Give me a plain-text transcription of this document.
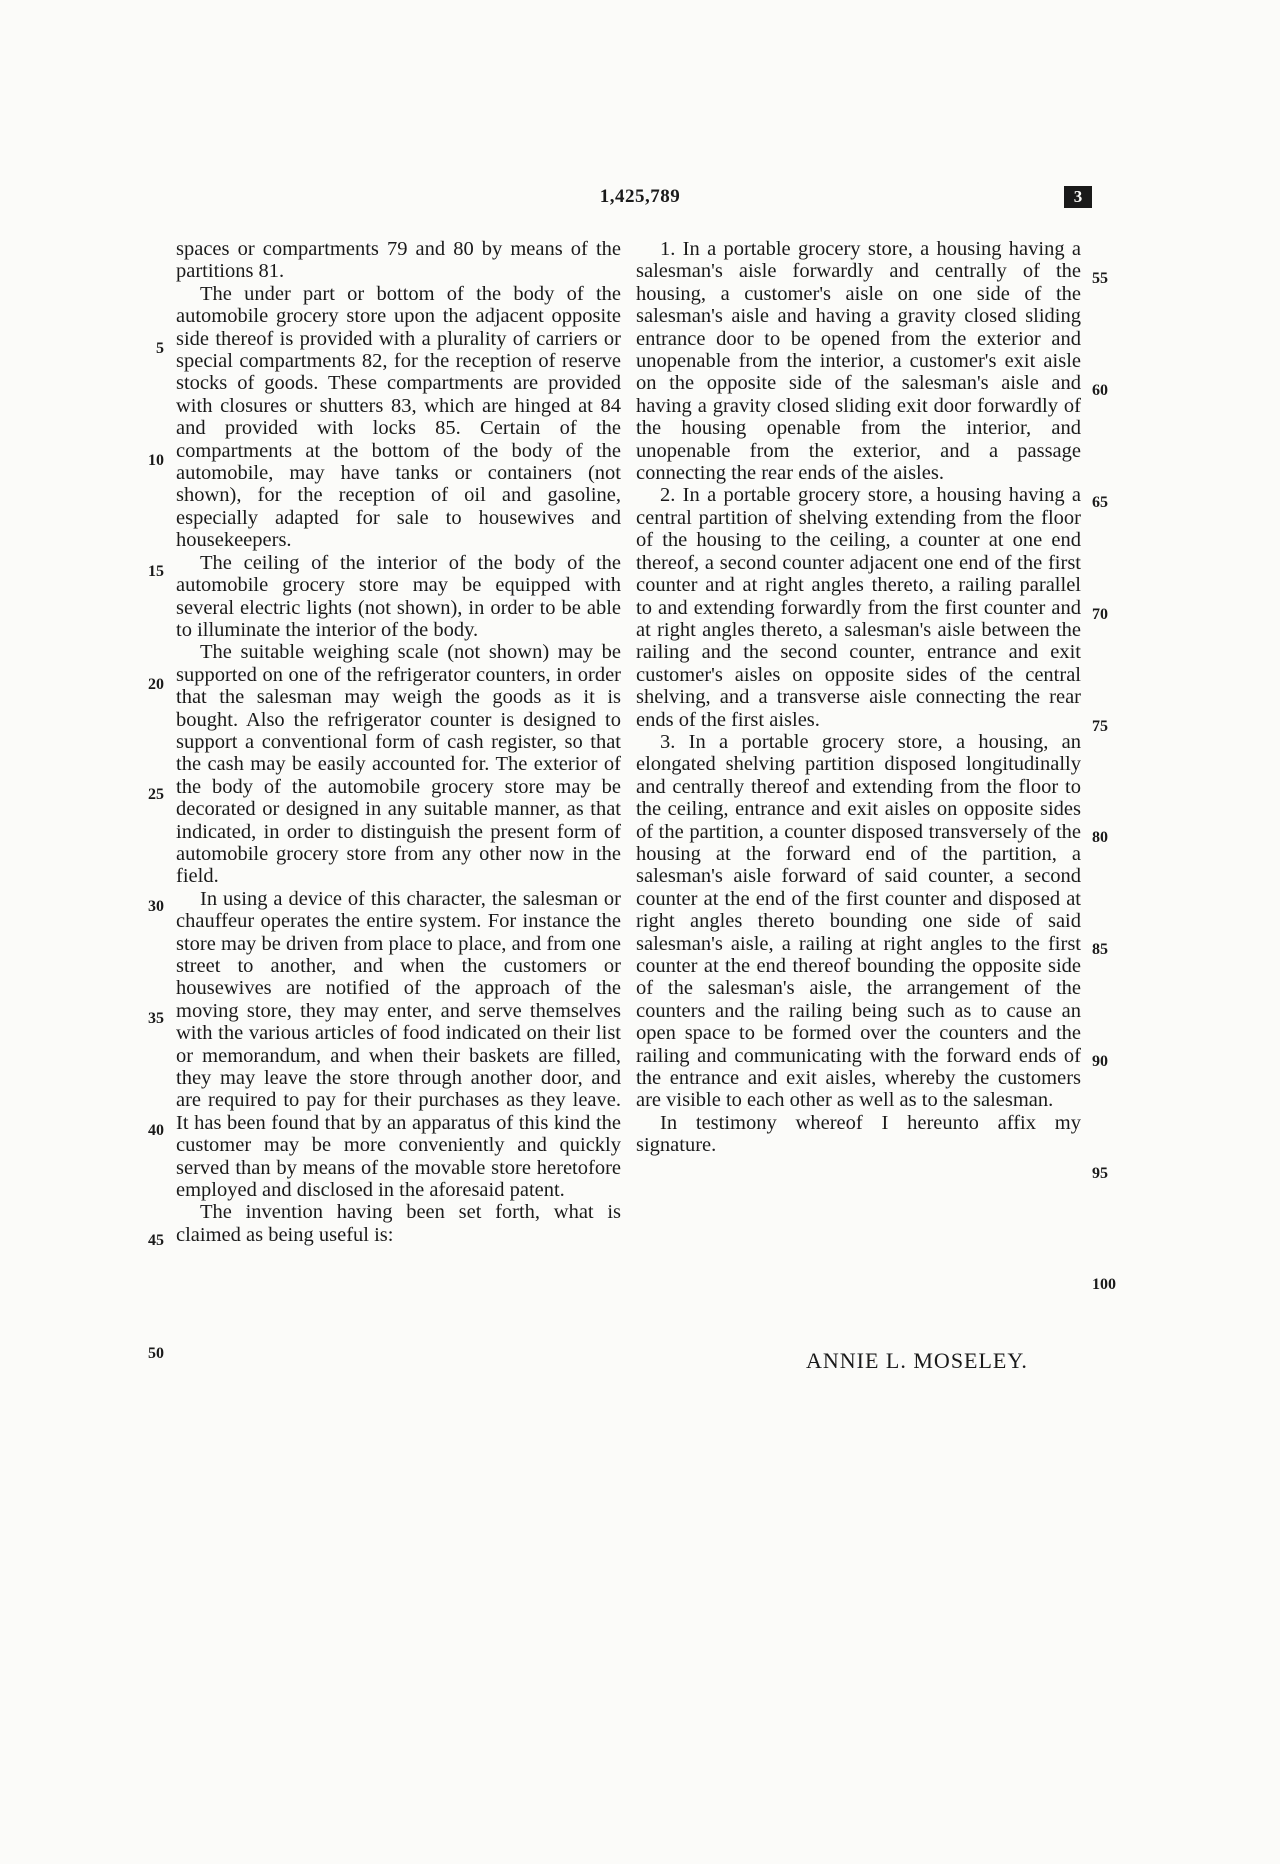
1,425,789	3

spaces or compartments 79 and 80 by means of the partitions 81.

The under part or bottom of the body of the automobile grocery store upon the adjacent opposite side thereof is provided with a plurality of carriers or special compartments 82, for the reception of reserve stocks of goods. These compartments are provided with closures or shutters 83, which are hinged at 84 and provided with locks 85. Certain of the compartments at the bottom of the body of the automobile, may have tanks or containers (not shown), for the reception of oil and gasoline, especially adapted for sale to housewives and housekeepers.

The ceiling of the interior of the body of the automobile grocery store may be equipped with several electric lights (not shown), in order to be able to illuminate the interior of the body.

The suitable weighing scale (not shown) may be supported on one of the refrigerator counters, in order that the salesman may weigh the goods as it is bought. Also the refrigerator counter is designed to support a conventional form of cash register, so that the cash may be easily accounted for. The exterior of the body of the automobile grocery store may be decorated or designed in any suitable manner, as that indicated, in order to distinguish the present form of automobile grocery store from any other now in the field.

In using a device of this character, the salesman or chauffeur operates the entire system. For instance the store may be driven from place to place, and from one street to another, and when the customers or housewives are notified of the approach of the moving store, they may enter, and serve themselves with the various articles of food indicated on their list or memorandum, and when their baskets are filled, they may leave the store through another door, and are required to pay for their purchases as they leave. It has been found that by an apparatus of this kind the customer may be more conveniently and quickly served than by means of the movable store heretofore employed and disclosed in the aforesaid patent.

The invention having been set forth, what is claimed as being useful is:

1. In a portable grocery store, a housing having a salesman's aisle forwardly and centrally of the housing, a customer's aisle on one side of the salesman's aisle and having a gravity closed sliding entrance door to be opened from the exterior and unopenable from the interior, a customer's exit aisle on the opposite side of the salesman's aisle and having a gravity closed sliding exit door forwardly of the housing openable from the interior, and unopenable from the exterior, and a passage connecting the rear ends of the aisles.

2. In a portable grocery store, a housing having a central partition of shelving extending from the floor of the housing to the ceiling, a counter at one end thereof, a second counter adjacent one end of the first counter and at right angles thereto, a railing parallel to and extending forwardly from the first counter and at right angles thereto, a salesman's aisle between the railing and the second counter, entrance and exit customer's aisles on opposite sides of the central shelving, and a transverse aisle connecting the rear ends of the first aisles.

3. In a portable grocery store, a housing, an elongated shelving partition disposed longitudinally and centrally thereof and extending from the floor to the ceiling, entrance and exit aisles on opposite sides of the partition, a counter disposed transversely of the housing at the forward end of the partition, a salesman's aisle forward of said counter, a second counter at the end of the first counter and disposed at right angles thereto bounding one side of said salesman's aisle, a railing at right angles to the first counter at the end thereof bounding the opposite side of the salesman's aisle, the arrangement of the counters and the railing being such as to cause an open space to be formed over the counters and the railing and communicating with the forward ends of the entrance and exit aisles, whereby the customers are visible to each other as well as to the salesman.

In testimony whereof I hereunto affix my signature.

5
10
15
20
25
30
35
40
45
50
55
60
65
70
75
80
85
90
95
100
ANNIE L. MOSELEY.
